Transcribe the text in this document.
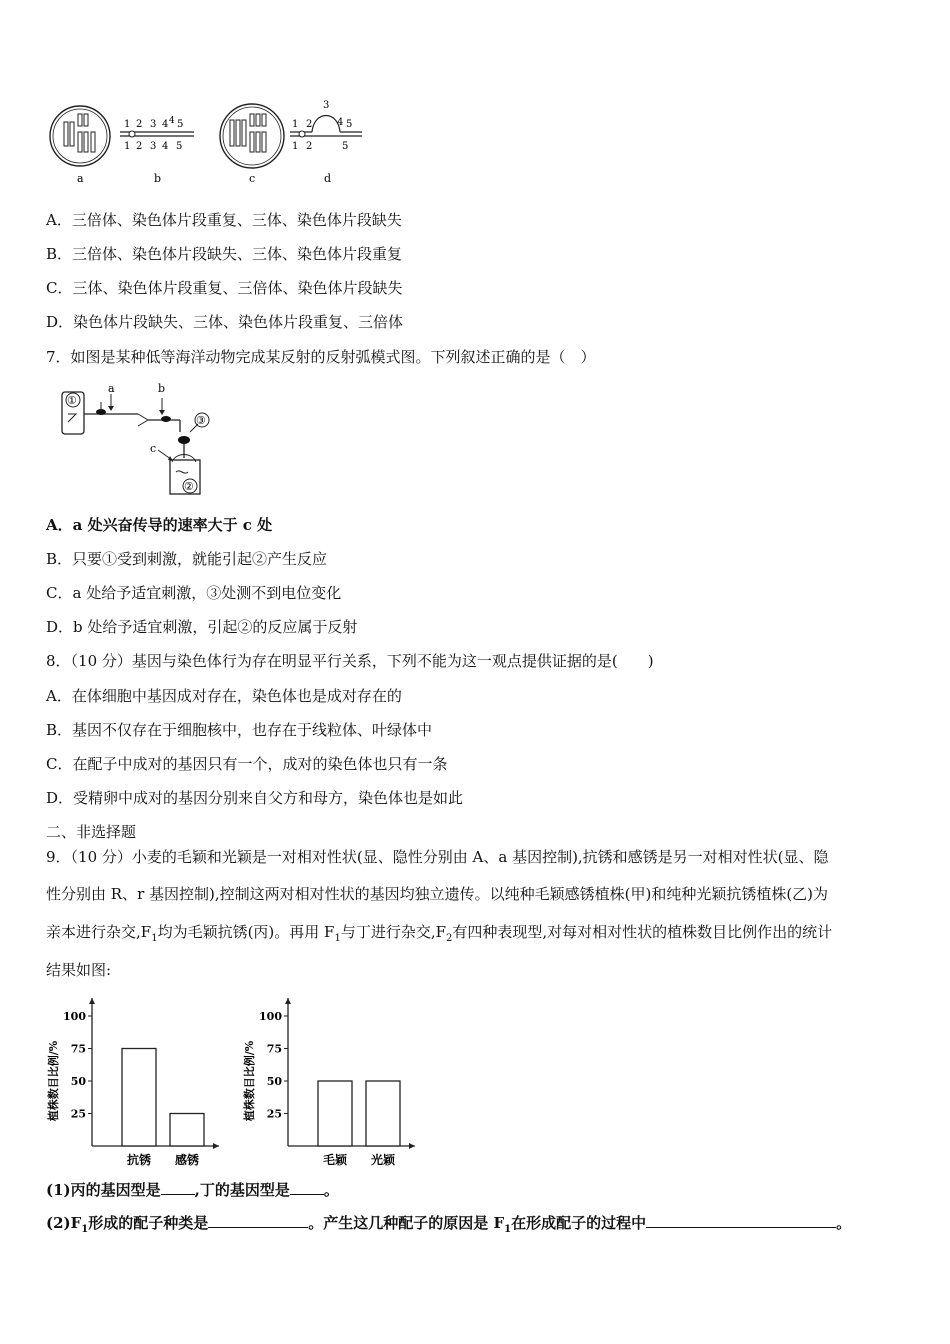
a
1 2 3 4 4 5
1 2 3 4 5
b	c
1 2
3
4 5
1 2	5
d
A．三倍体、染色体片段重复、三体、染色体片段缺失
B．三倍体、染色体片段缺失、三体、染色体片段重复
C．三体、染色体片段重复、三倍体、染色体片段缺失
D．染色体片段缺失、三体、染色体片段重复、三倍体
7．如图是某种低等海洋动物完成某反射的反射弧模式图。下列叙述正确的是（　）
①
a	b
③
②
c
A．a 处兴奋传导的速率大于 c 处
B．只要①受到刺激，就能引起②产生反应
C．a 处给予适宜刺激，③处测不到电位变化
D．b 处给予适宜刺激，引起②的反应属于反射
8．（10 分）基因与染色体行为存在明显平行关系，下列不能为这一观点提供证据的是(　　)
A．在体细胞中基因成对存在，染色体也是成对存在的
B．基因不仅存在于细胞核中，也存在于线粒体、叶绿体中
C．在配子中成对的基因只有一个，成对的染色体也只有一条
D．受精卵中成对的基因分别来自父方和母方，染色体也是如此
二、非选择题
9．（10 分）小麦的毛颖和光颖是一对相对性状(显、隐性分别由 A、a 基因控制),抗锈和感锈是另一对相对性状(显、隐
性分别由 R、r 基因控制),控制这两对相对性状的基因均独立遗传。以纯种毛颖感锈植株(甲)和纯种光颖抗锈植株(乙)为
亲本进行杂交$,F_1$均为毛颖抗锈(丙)。再用 $F_1$与丁进行杂交$,F_2$有四种表现型,对每对相对性状的植株数目比例作出的统计
结果如图:
25
50
75
100
植株数目比例/%
抗锈 感锈
25
50
75
100
植株数目比例/%
毛颖 光颖
(1)丙的基因型是 ,丁的基因型是 。
$(2)F_1$形成的配子种类是	。产生这几种配子的原因是 $F_1$在形成配子的过程中	。
